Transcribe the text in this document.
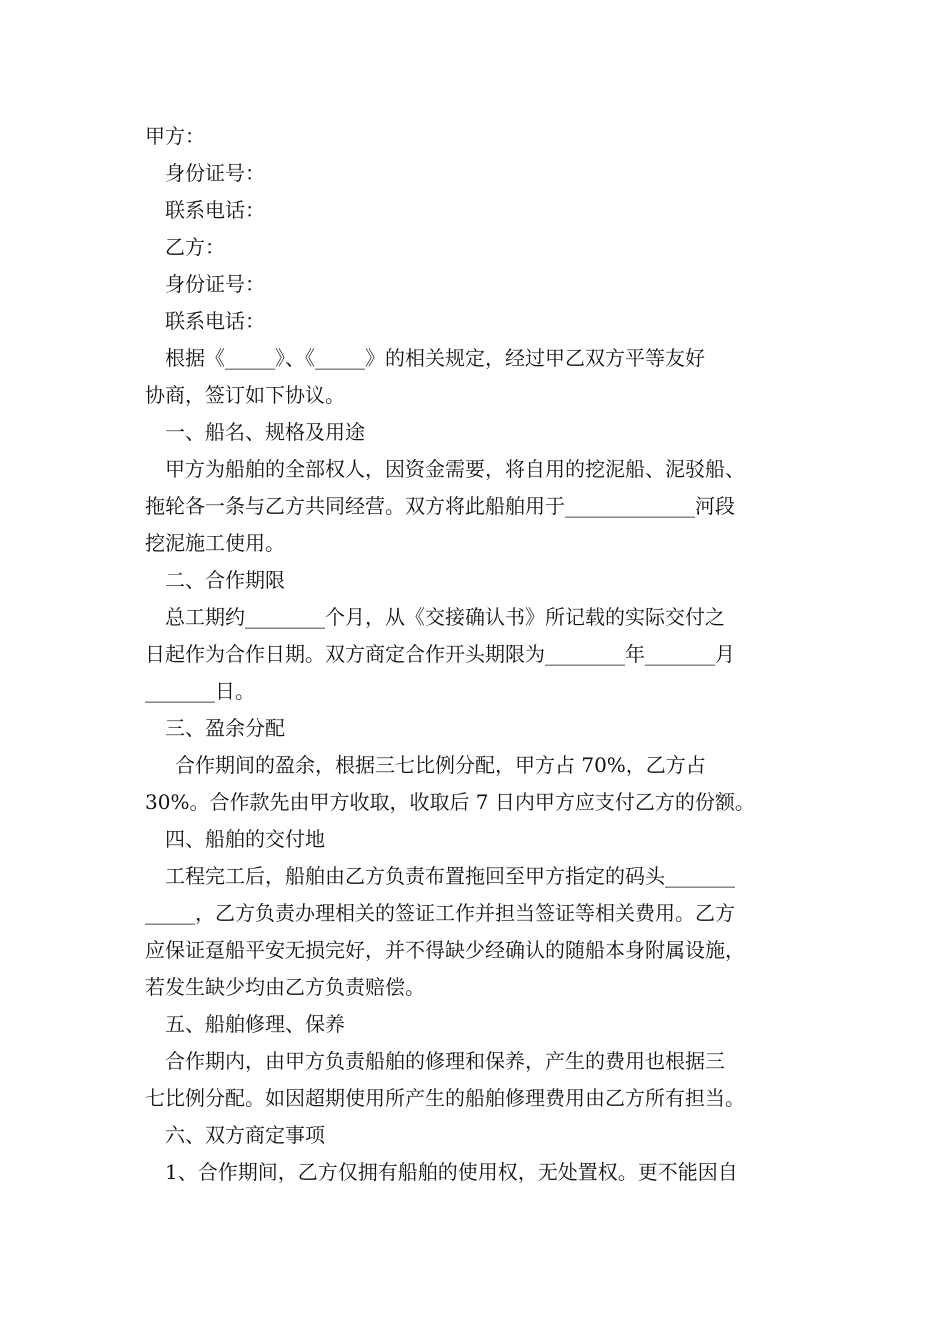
甲方：
身份证号：
联系电话：
乙方：
身份证号：
联系电话：
根据《_____》、《_____》的相关规定，经过甲乙双方平等友好
协商，签订如下协议。
一、船名、规格及用途
甲方为船舶的全部权人，因资金需要，将自用的挖泥船、泥驳船、
拖轮各一条与乙方共同经营。双方将此船舶用于_____________河段
挖泥施工使用。
二、合作期限
总工期约________个月，从《交接确认书》所记载的实际交付之
日起作为合作日期。双方商定合作开头期限为________年_______月
_______日。
三、盈余分配
合作期间的盈余，根据三七比例分配，甲方占 70%，乙方占
30%。合作款先由甲方收取，收取后 7 日内甲方应支付乙方的份额。
四、船舶的交付地
工程完工后，船舶由乙方负责布置拖回至甲方指定的码头_______
_____，乙方负责办理相关的签证工作并担当签证等相关费用。乙方
应保证趸船平安无损完好，并不得缺少经确认的随船本身附属设施，
若发生缺少均由乙方负责赔偿。
五、船舶修理、保养
合作期内，由甲方负责船舶的修理和保养，产生的费用也根据三
七比例分配。如因超期使用所产生的船舶修理费用由乙方所有担当。
六、双方商定事项
1、合作期间，乙方仅拥有船舶的使用权，无处置权。更不能因自
